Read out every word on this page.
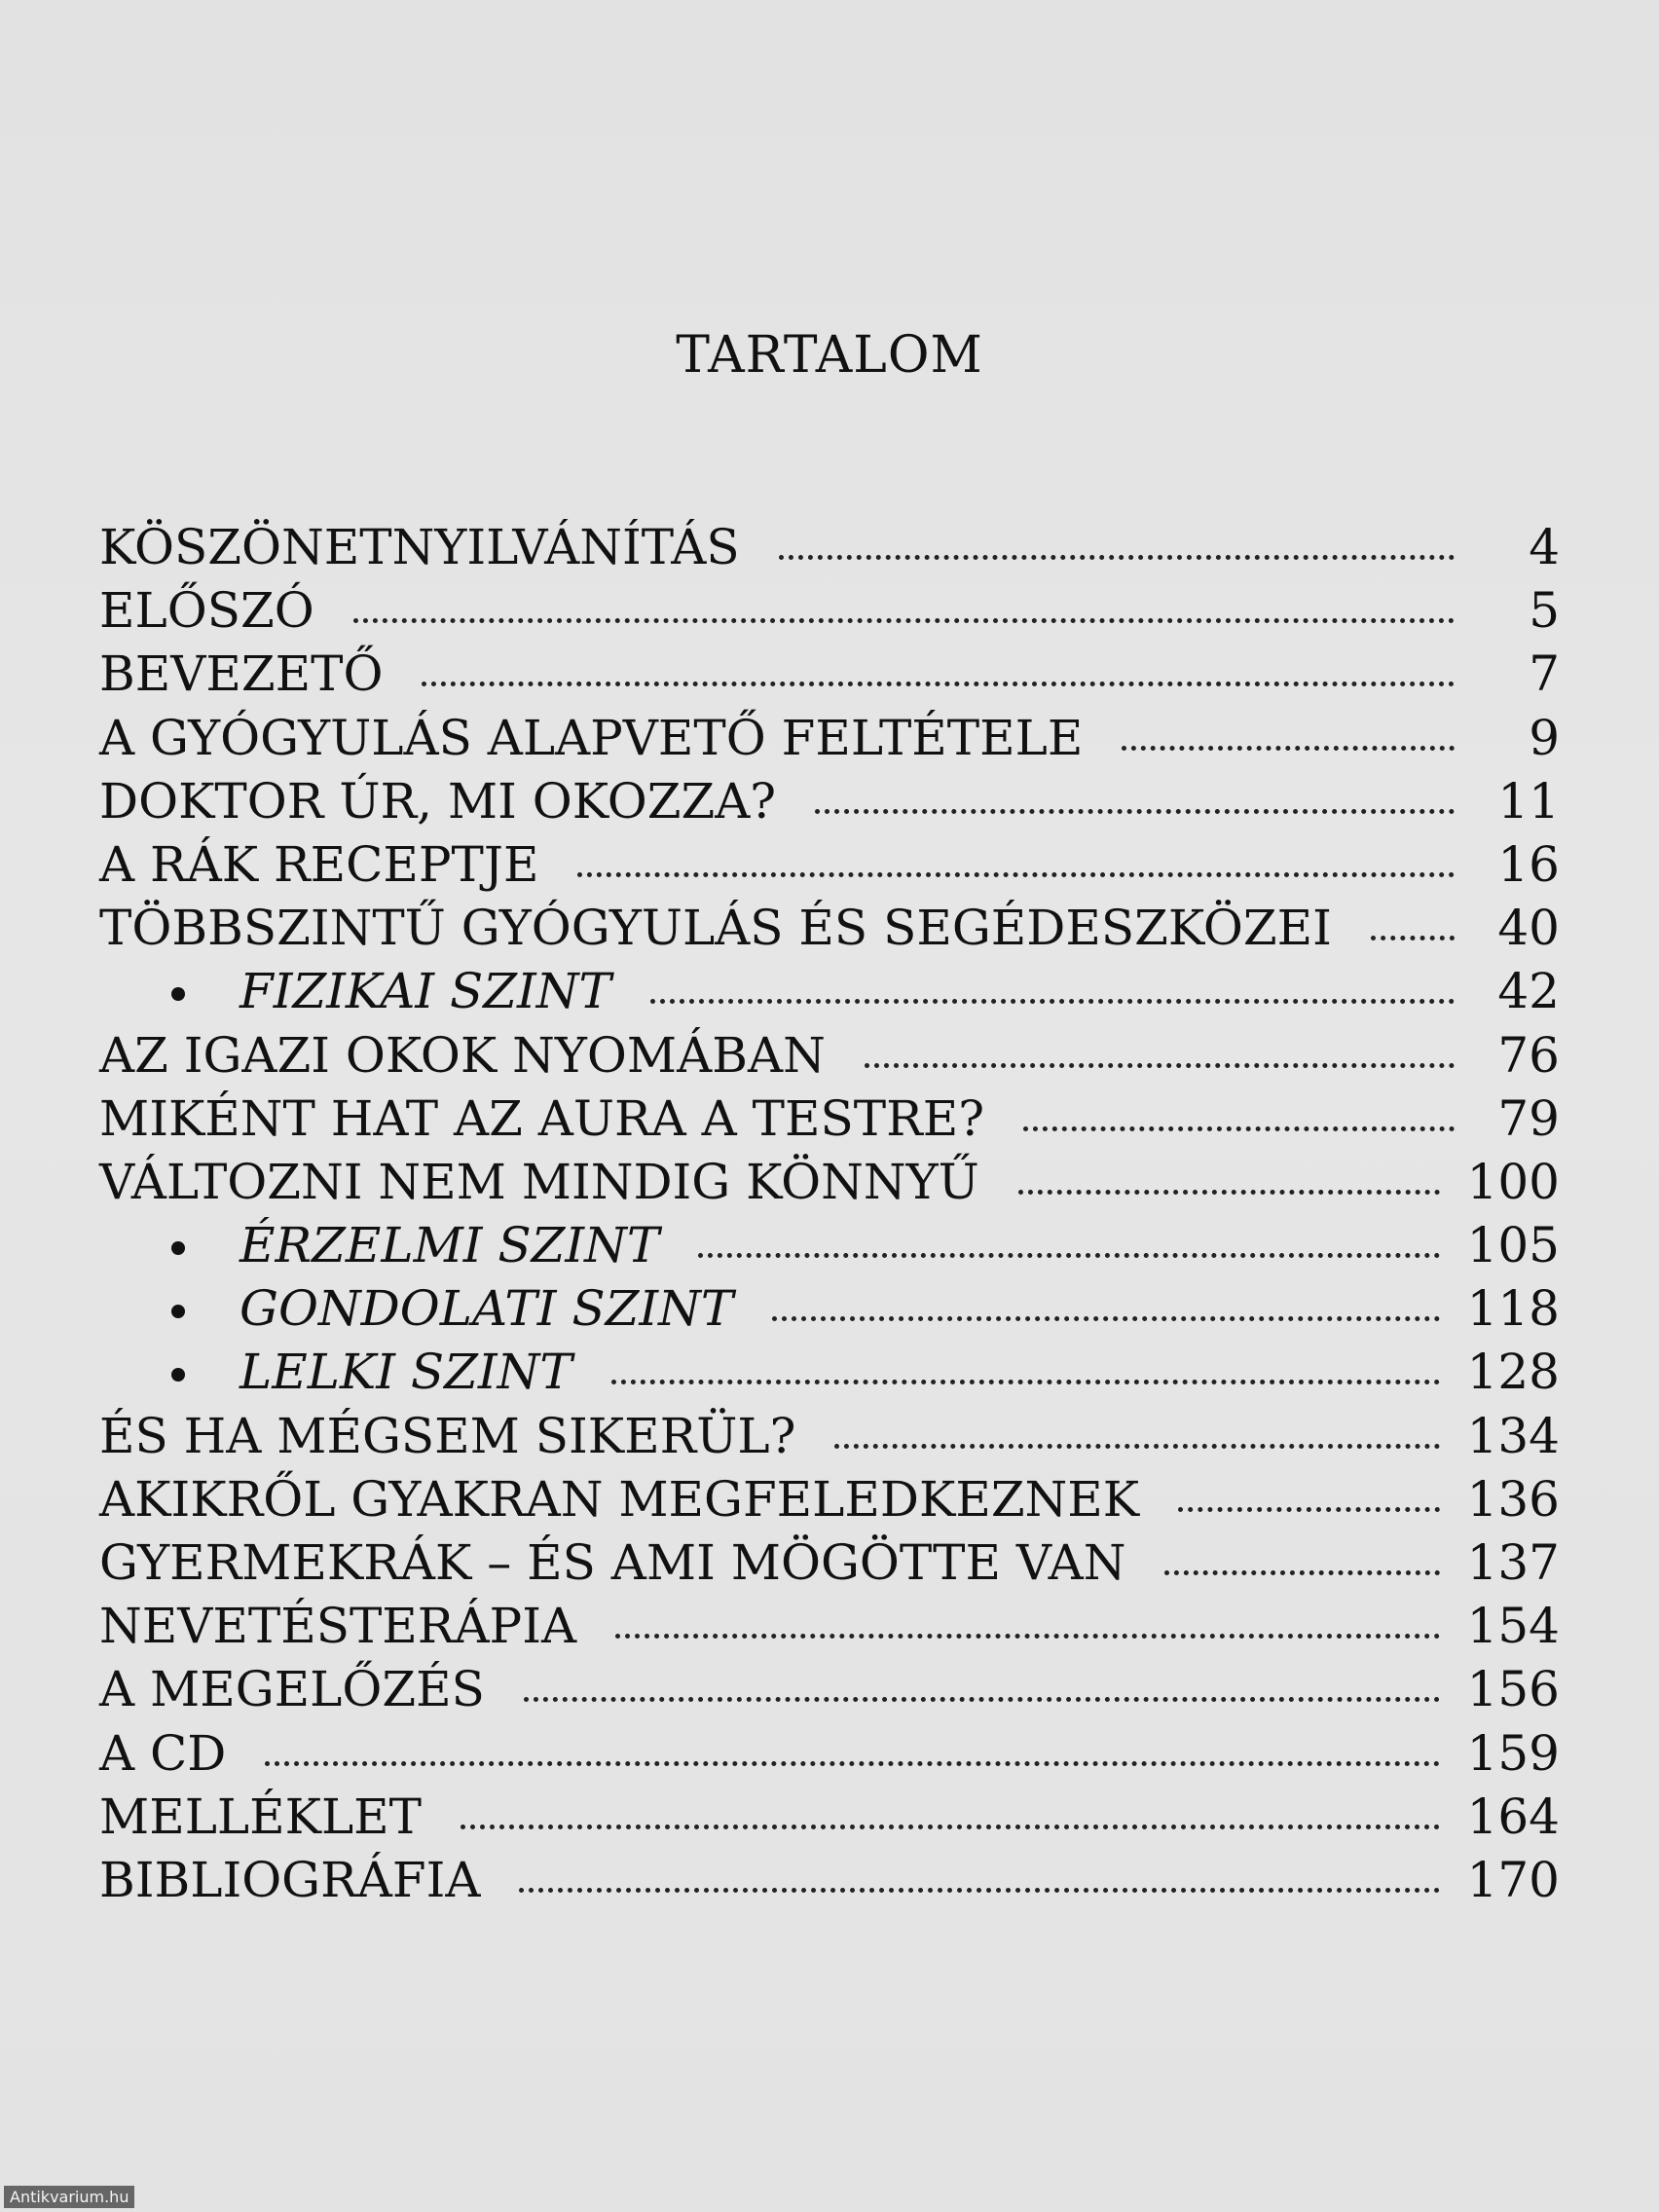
TARTALOM
KÖSZÖNETNYILVÁNÍTÁS	4
ELŐSZÓ	5
BEVEZETŐ	7
A GYÓGYULÁS ALAPVETŐ FELTÉTELE	9
DOKTOR ÚR, MI OKOZZA?	11
A RÁK RECEPTJE	16
TÖBBSZINTŰ GYÓGYULÁS ÉS SEGÉDESZKÖZEI	40
FIZIKAI SZINT	42
AZ IGAZI OKOK NYOMÁBAN	76
MIKÉNT HAT AZ AURA A TESTRE?	79
VÁLTOZNI NEM MINDIG KÖNNYŰ	100
ÉRZELMI SZINT	105
GONDOLATI SZINT	118
LELKI SZINT	128
ÉS HA MÉGSEM SIKERÜL?	134
AKIKRŐL GYAKRAN MEGFELEDKEZNEK	136
GYERMEKRÁK – ÉS AMI MÖGÖTTE VAN	137
NEVETÉSTERÁPIA	154
A MEGELŐZÉS	156
A CD	159
MELLÉKLET	164
BIBLIOGRÁFIA	170
Antikvarium.hu
